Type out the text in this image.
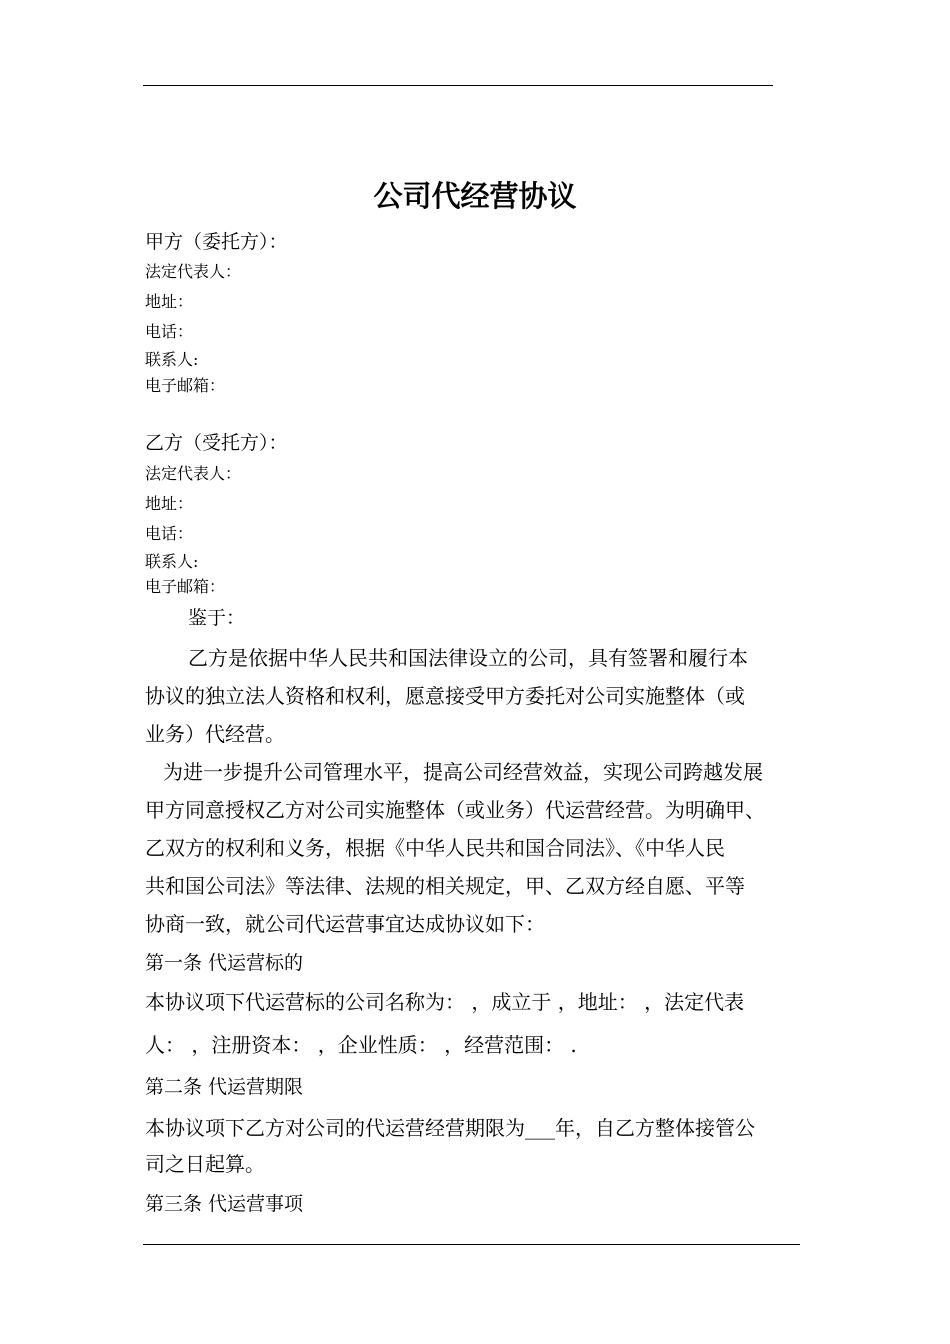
公司代经营协议
甲方（委托方）：
法定代表人：
地址：
电话：
联系人:
电子邮箱：
乙方（受托方）：
法定代表人：
地址：
电话：
联系人:
电子邮箱：
鉴于：
乙方是依据中华人民共和国法律设立的公司，具有签署和履行本
协议的独立法人资格和权利，愿意接受甲方委托对公司实施整体（或
业务）代经营。
为进一步提升公司管理水平，提高公司经营效益，实现公司跨越发展
甲方同意授权乙方对公司实施整体（或业务）代运营经营。为明确甲、
乙双方的权利和义务，根据《中华人民共和国合同法》、《中华人民
共和国公司法》等法律、法规的相关规定，甲、乙双方经自愿、平等
协商一致，就公司代运营事宜达成协议如下：
第一条 代运营标的
本协议项下代运营标的公司名称为： ，成立于 ，地址： ，法定代表
人： ，注册资本： ，企业性质： ，经营范围： .
第二条 代运营期限
本协议项下乙方对公司的代运营经营期限为___年，自乙方整体接管公
司之日起算。
第三条 代运营事项
